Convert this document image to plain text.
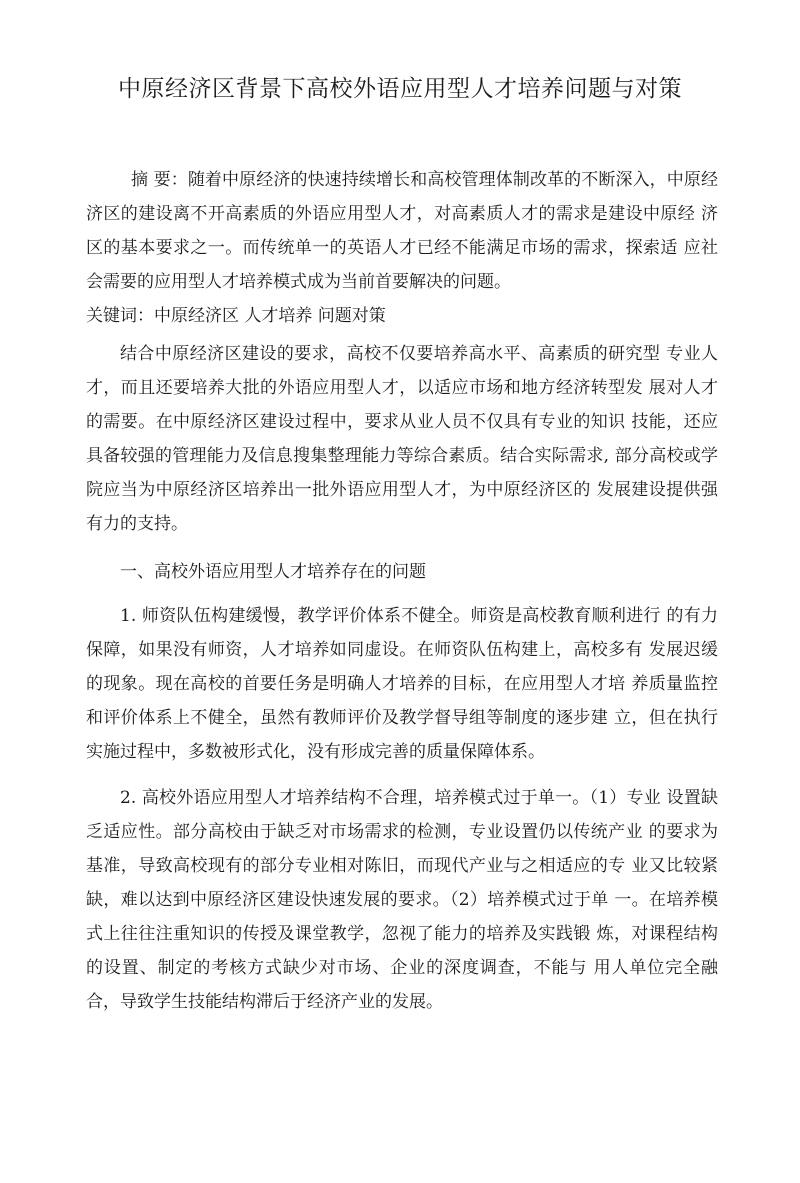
中原经济区背景下高校外语应用型人才培养问题与对策

摘 要：随着中原经济的快速持续增长和高校管理体制改革的不断深入，中原经济区的建设离不开高素质的外语应用型人才，对高素质人才的需求是建设中原经 济区的基本要求之一。而传统单一的英语人才已经不能满足市场的需求，探索适 应社会需要的应用型人才培养模式成为当前首要解决的问题。

关键词：中原经济区 人才培养 问题对策

结合中原经济区建设的要求，高校不仅要培养高水平、高素质的研究型 专业人才，而且还要培养大批的外语应用型人才，以适应市场和地方经济转型发 展对人才的需要。在中原经济区建设过程中，要求从业人员不仅具有专业的知识 技能，还应具备较强的管理能力及信息搜集整理能力等综合素质。结合实际需求, 部分高校或学院应当为中原经济区培养出一批外语应用型人才，为中原经济区的 发展建设提供强有力的支持。

一、高校外语应用型人才培养存在的问题

1. 师资队伍构建缓慢，教学评价体系不健全。师资是高校教育顺利进行 的有力保障，如果没有师资，人才培养如同虚设。在师资队伍构建上，高校多有 发展迟缓的现象。现在高校的首要任务是明确人才培养的目标，在应用型人才培 养质量监控和评价体系上不健全，虽然有教师评价及教学督导组等制度的逐步建 立，但在执行实施过程中，多数被形式化，没有形成完善的质量保障体系。

2. 高校外语应用型人才培养结构不合理，培养模式过于单一。（1）专业 设置缺乏适应性。部分高校由于缺乏对市场需求的检测，专业设置仍以传统产业 的要求为基准，导致高校现有的部分专业相对陈旧，而现代产业与之相适应的专 业又比较紧缺，难以达到中原经济区建设快速发展的要求。（2）培养模式过于单 一。在培养模式上往往注重知识的传授及课堂教学，忽视了能力的培养及实践锻 炼，对课程结构的设置、制定的考核方式缺少对市场、企业的深度调查，不能与 用人单位完全融合，导致学生技能结构滞后于经济产业的发展。
